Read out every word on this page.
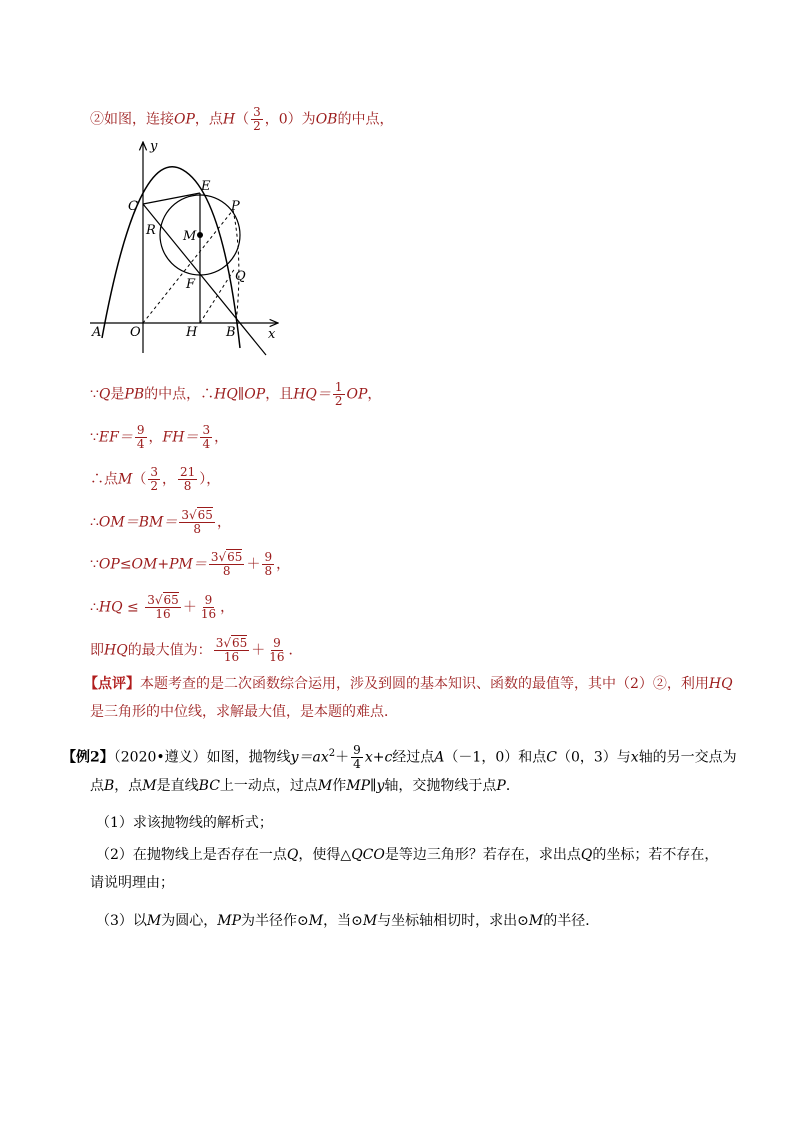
②如图，连接OP，点$H( \frac{3}{2}$ ，0）为OB的中点，
y
x
C
E
P
R M
F
Q
A O	H B
∵Q是PB的中点，∴HQ∥OP，且$HQ= \frac{1}{2}$ OP，
∵EF＝ $\frac{9}{4}$ ，$FH= \frac{3}{4}$ ，
∴点$M( \frac{3}{2}$ ， $\frac{21}{8}$ ），
∴OM＝BM＝ $\frac{3√65}{8}$ ，
∵OP≤OM+PM＝ $\frac{3√65}{8} + \frac{9}{8}$ ，
∴HQ ≤ $\frac{3√65}{16} + \frac{9}{16}$ ，
即HQ的最大值为： $\frac{3√65}{16} + \frac{9}{16}$ ．
【点评】本题考查的是二次函数综合运用，涉及到圆的基本知识、函数的最值等，其中（2）②，利用HQ
是三角形的中位线，求解最大值，是本题的难点．
【例2】（2020•遵义）如图，抛物线$y=ax^2+ \frac{9}{4} x+c$经过点A（－1，0）和点C（0，3）与x轴的另一交点为
点B，点M是直线BC上一动点，过点M作MP∥y轴，交抛物线于点P．
（1）求该抛物线的解析式；
（2）在抛物线上是否存在一点Q，使得△QCO是等边三角形？若存在，求出点Q的坐标；若不存在，
请说明理由；
（3）以M为圆心，MP为半径作⊙M，当⊙M与坐标轴相切时，求出⊙M的半径．
